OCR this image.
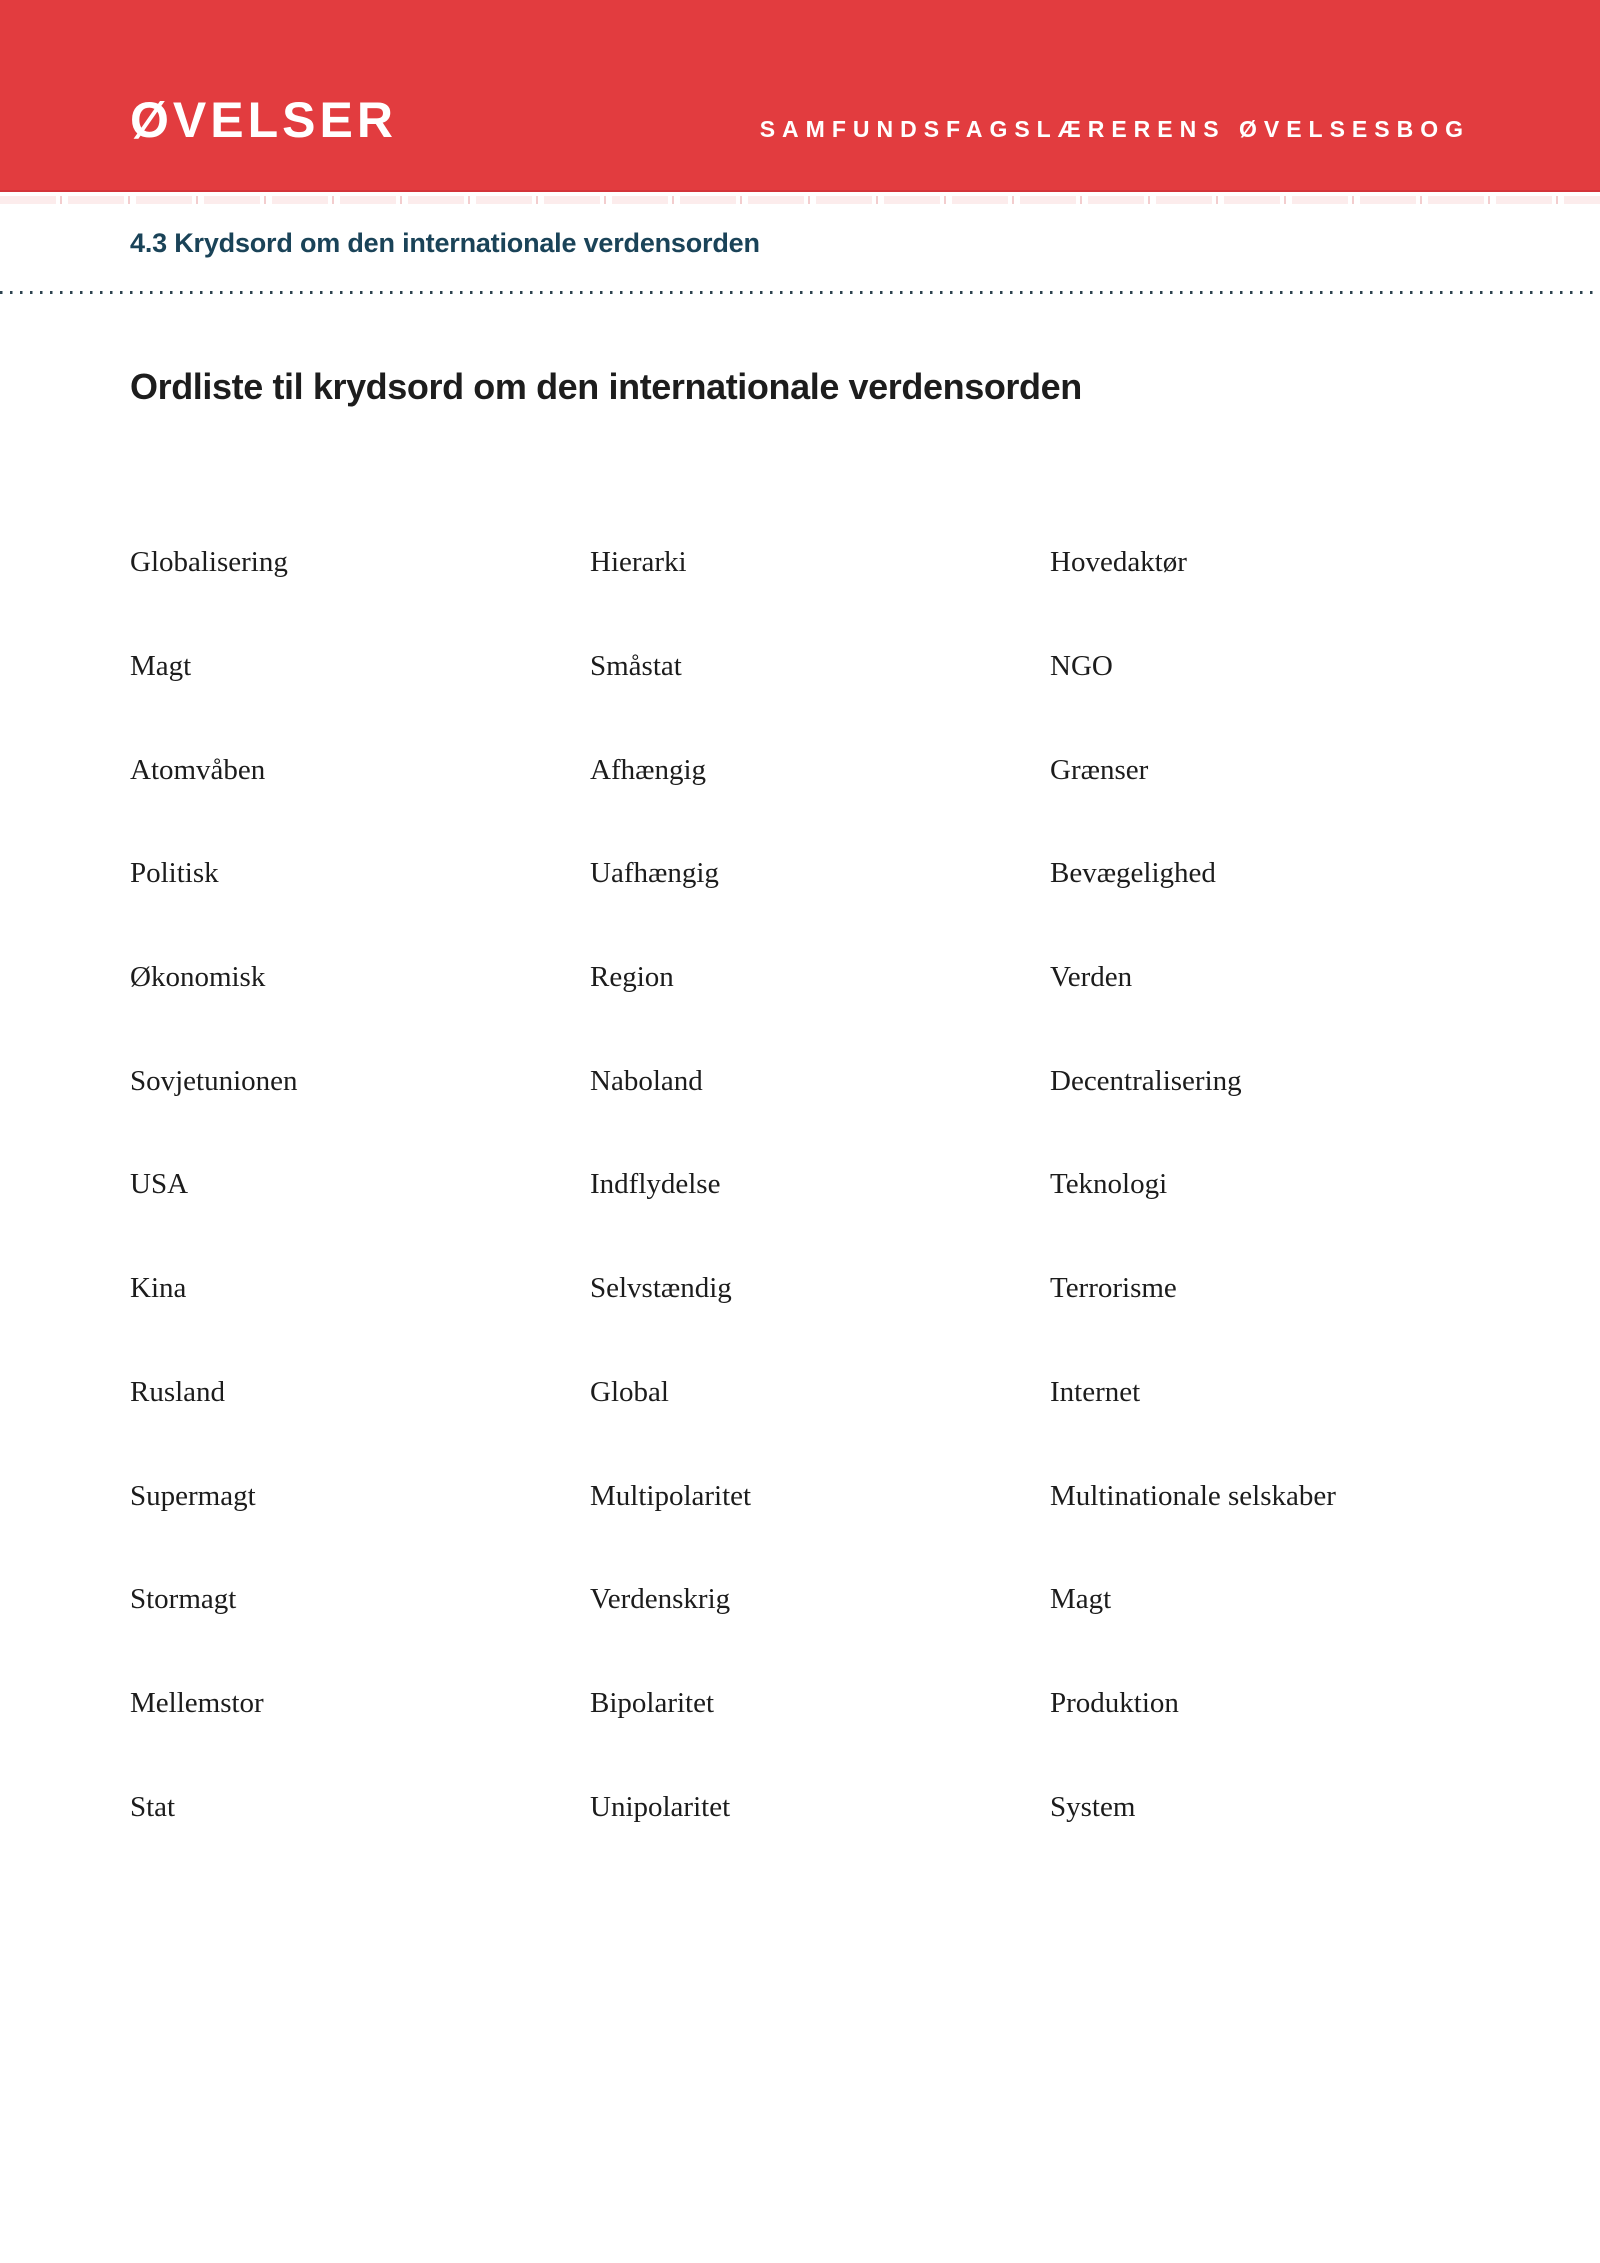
ØVELSER	SAMFUNDSFAGSLÆRERENS ØVELSESBOG
4.3 Krydsord om den internationale verdensorden
Ordliste til krydsord om den internationale verdensorden
Globalisering	Hierarki	Hovedaktør
Magt	Småstat	NGO
Atomvåben	Afhængig	Grænser
Politisk	Uafhængig	Bevægelighed
Økonomisk	Region	Verden
Sovjetunionen	Naboland	Decentralisering
USA	Indflydelse	Teknologi
Kina	Selvstændig	Terrorisme
Rusland	Global	Internet
Supermagt	Multipolaritet	Multinationale selskaber
Stormagt	Verdenskrig	Magt
Mellemstor	Bipolaritet	Produktion
Stat	Unipolaritet	System
